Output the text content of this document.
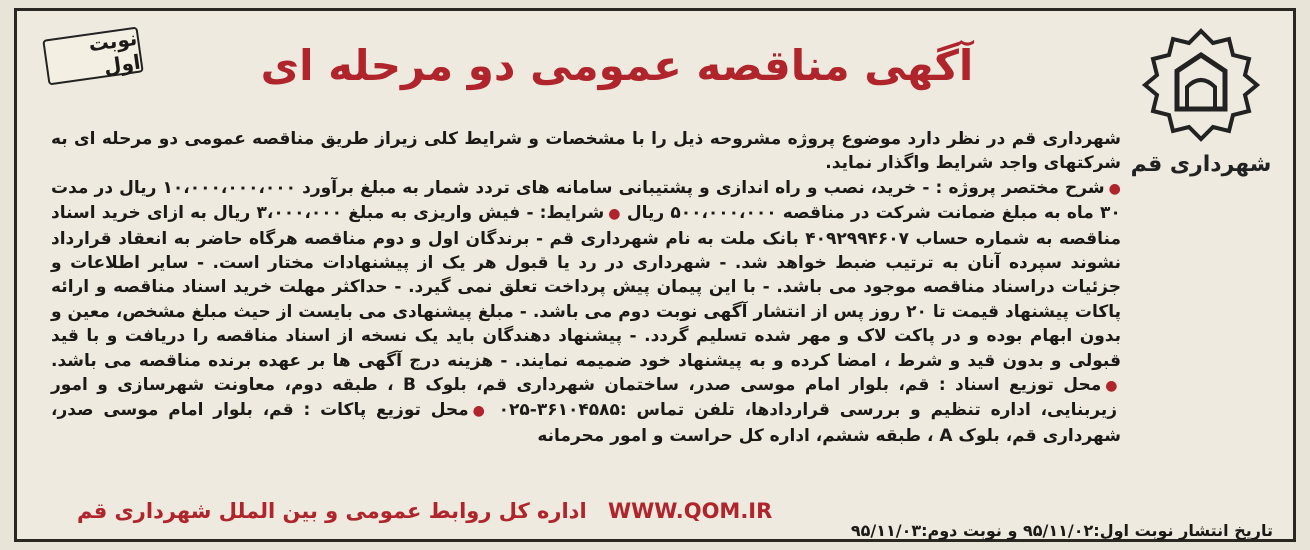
نوبت اول	آگهی مناقصه عمومی دو مرحله ای
شهرداری قم

شهرداری قم در نظر دارد موضوع پروژه مشروحه ذیل را با مشخصات و شرایط کلی زیراز طریق مناقصه عمومی دو مرحله ای به شرکتهای واجد شرایط واگذار نماید.

●شرح مختصر پروژه : - خرید، نصب و راه اندازی و پشتیبانی سامانه های تردد شمار به مبلغ برآورد ۱۰،۰۰۰،۰۰۰،۰۰۰ ریال در مدت ۳۰ ماه به مبلغ ضمانت شرکت در مناقصه ۵۰۰،۰۰۰،۰۰۰ ریال ●شرایط: - فیش واریزی به مبلغ ۳،۰۰۰،۰۰۰ ریال به ازای خرید اسناد مناقصه به شماره حساب ۴۰۹۲۹۹۴۶۰۷ بانک ملت به نام شهرداری قم - برندگان اول و دوم مناقصه هرگاه حاضر به انعقاد قرارداد نشوند سپرده آنان به ترتیب ضبط خواهد شد. - شهرداری در رد یا قبول هر یک از پیشنهادات مختار است. - سایر اطلاعات و جزئیات دراسناد مناقصه موجود می باشد. - با این پیمان پیش پرداخت تعلق نمی گیرد. - حداکثر مهلت خرید اسناد مناقصه و ارائه پاکات پیشنهاد قیمت تا ۲۰ روز پس از انتشار آگهی نوبت دوم می باشد. - مبلغ پیشنهادی می بایست از حیث مبلغ مشخص، معین و بدون ابهام بوده و در پاکت لاک و مهر شده تسلیم گردد. - پیشنهاد دهندگان باید یک نسخه از اسناد مناقصه را دریافت و با قید قبولی و بدون قید و شرط ، امضا کرده و به پیشنهاد خود ضمیمه نمایند. - هزینه درج آگهی ها بر عهده برنده مناقصه می باشد. ●محل توزیع اسناد : قم، بلوار امام موسی صدر، ساختمان شهرداری قم، بلوک B ، طبقه دوم، معاونت شهرسازی و امور زیربنایی، اداره تنظیم و بررسی قراردادها، تلفن تماس :۳۶۱۰۴۵۸۵-۰۲۵ ●محل توزیع پاکات : قم، بلوار امام موسی صدر، شهرداری قم، بلوک A ، طبقه ششم، اداره کل حراست و امور محرمانه

WWW.QOM.IR اداره کل روابط عمومی و بین الملل شهرداری قم
تاریخ انتشار نوبت اول:۹۵/۱۱/۰۲ و نوبت دوم:۹۵/۱۱/۰۳
